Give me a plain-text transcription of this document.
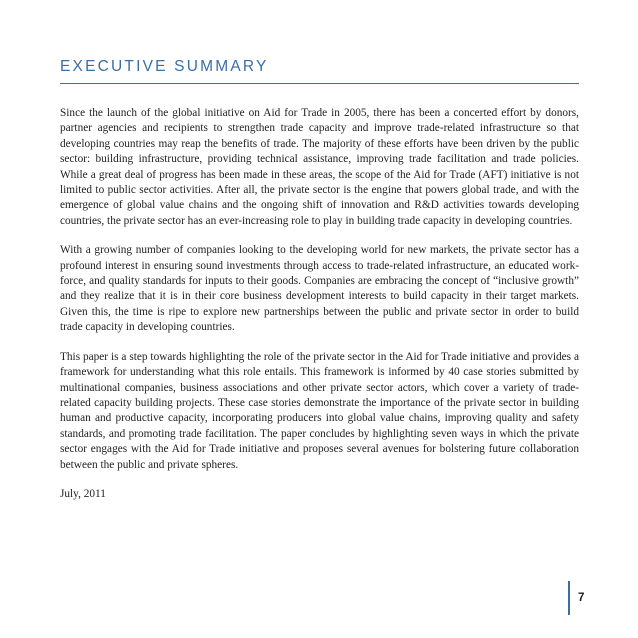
EXECUTIVE SUMMARY

Since the launch of the global initiative on Aid for Trade in 2005, there has been a concerted effort by donors, partner agencies and recipients to strengthen trade capacity and improve trade-related infrastructure so that developing countries may reap the benefits of trade. The majority of these efforts have been driven by the public sector: building infrastructure, providing technical assistance, improving trade facilitation and trade policies. While a great deal of progress has been made in these areas, the scope of the Aid for Trade (AFT) initiative is not limited to public sector activities. After all, the private sector is the engine that powers global trade, and with the emergence of global value chains and the ongoing shift of innovation and R&D activities towards developing countries, the private sector has an ever-increasing role to play in building trade capacity in developing countries.

With a growing number of companies looking to the developing world for new markets, the private sector has a profound interest in ensuring sound investments through access to trade-related infrastructure, an educated work-force, and quality standards for inputs to their goods. Companies are embracing the concept of “inclusive growth” and they realize that it is in their core business development interests to build capacity in their target markets. Given this, the time is ripe to explore new partnerships between the public and private sector in order to build trade capacity in developing countries.

This paper is a step towards highlighting the role of the private sector in the Aid for Trade initiative and provides a framework for understanding what this role entails. This framework is informed by 40 case stories submitted by multinational companies, business associations and other private sector actors, which cover a variety of trade-related capacity building projects. These case stories demonstrate the importance of the private sector in building human and productive capacity, incorporating producers into global value chains, improving quality and safety standards, and promoting trade facilitation. The paper concludes by highlighting seven ways in which the private sector engages with the Aid for Trade initiative and proposes several avenues for bolstering future collaboration between the public and private spheres.

July, 2011

7
